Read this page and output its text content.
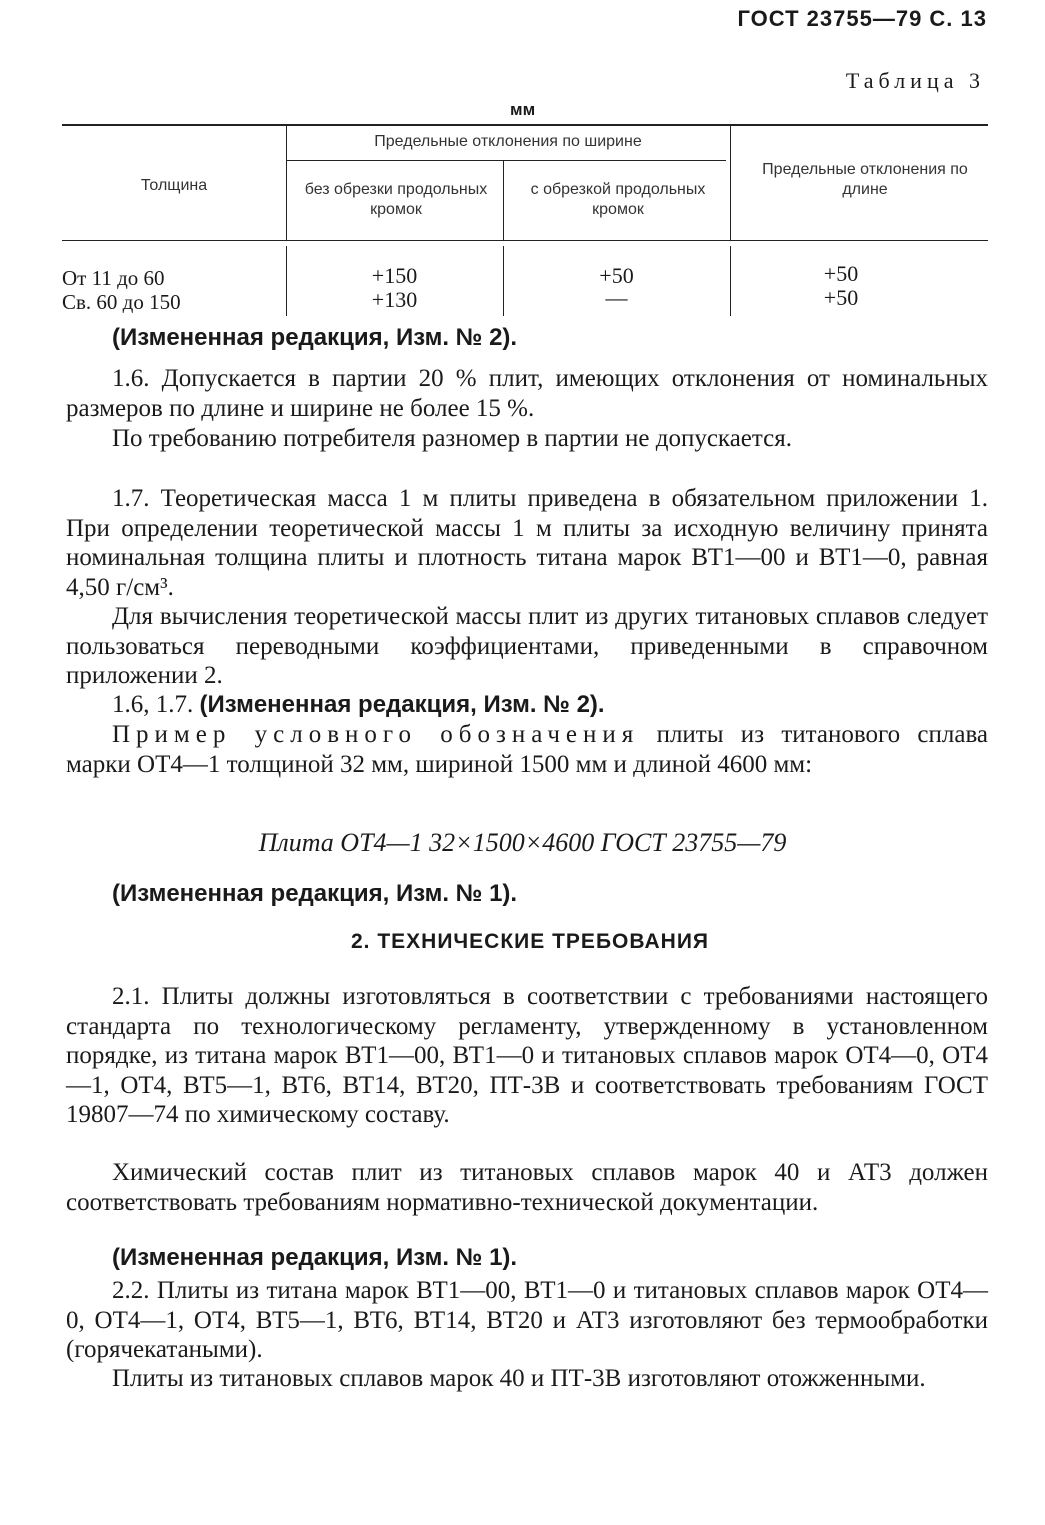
ГОСТ 23755—79 С. 13
Таблица 3
мм
Толщина
Предельные отклонения по ширине
без обрезки продольных кромок
с обрезкой продольных кромок
Предельные отклонения по длине
От 11 до 60	+150	+50	+50
Св. 60 до 150	+130	—	+50
(Измененная редакция, Изм. № 2).
1.6. Допускается в партии 20 % плит, имеющих отклонения от номинальных размеров по длине и ширине не более 15 %.
По требованию потребителя разномер в партии не допускается.
1.7. Теоретическая масса 1 м плиты приведена в обязательном приложении 1. При определении теоретической массы 1 м плиты за исходную величину принята номинальная толщина плиты и плотность титана марок ВТ1—00 и ВТ1—0, равная 4,50 г/см³.
Для вычисления теоретической массы плит из других титановых сплавов следует пользоваться переводными коэффициентами, приведенными в справочном приложении 2.
1.6, 1.7. (Измененная редакция, Изм. № 2).
Пример условного обозначения плиты из титанового сплава марки ОТ4—1 толщиной 32 мм, шириной 1500 мм и длиной 4600 мм:
Плита ОТ4—1 32×1500×4600 ГОСТ 23755—79
(Измененная редакция, Изм. № 1).
2. ТЕХНИЧЕСКИЕ ТРЕБОВАНИЯ
2.1. Плиты должны изготовляться в соответствии с требованиями настоящего стандарта по технологическому регламенту, утвержденному в установленном порядке, из титана марок ВТ1—00, ВТ1—0 и титановых сплавов марок ОТ4—0, ОТ4—1, ОТ4, ВТ5—1, ВТ6, ВТ14, ВТ20, ПТ-3В и соответствовать требованиям ГОСТ 19807—74 по химическому составу.
Химический состав плит из титановых сплавов марок 40 и АТ3 должен соответствовать требованиям нормативно-технической документации.
(Измененная редакция, Изм. № 1).
2.2. Плиты из титана марок ВТ1—00, ВТ1—0 и титановых сплавов марок ОТ4—0, ОТ4—1, ОТ4, ВТ5—1, ВТ6, ВТ14, ВТ20 и АТ3 изготовляют без термообработки (горячекатаными).
Плиты из титановых сплавов марок 40 и ПТ-3В изготовляют отожженными.
